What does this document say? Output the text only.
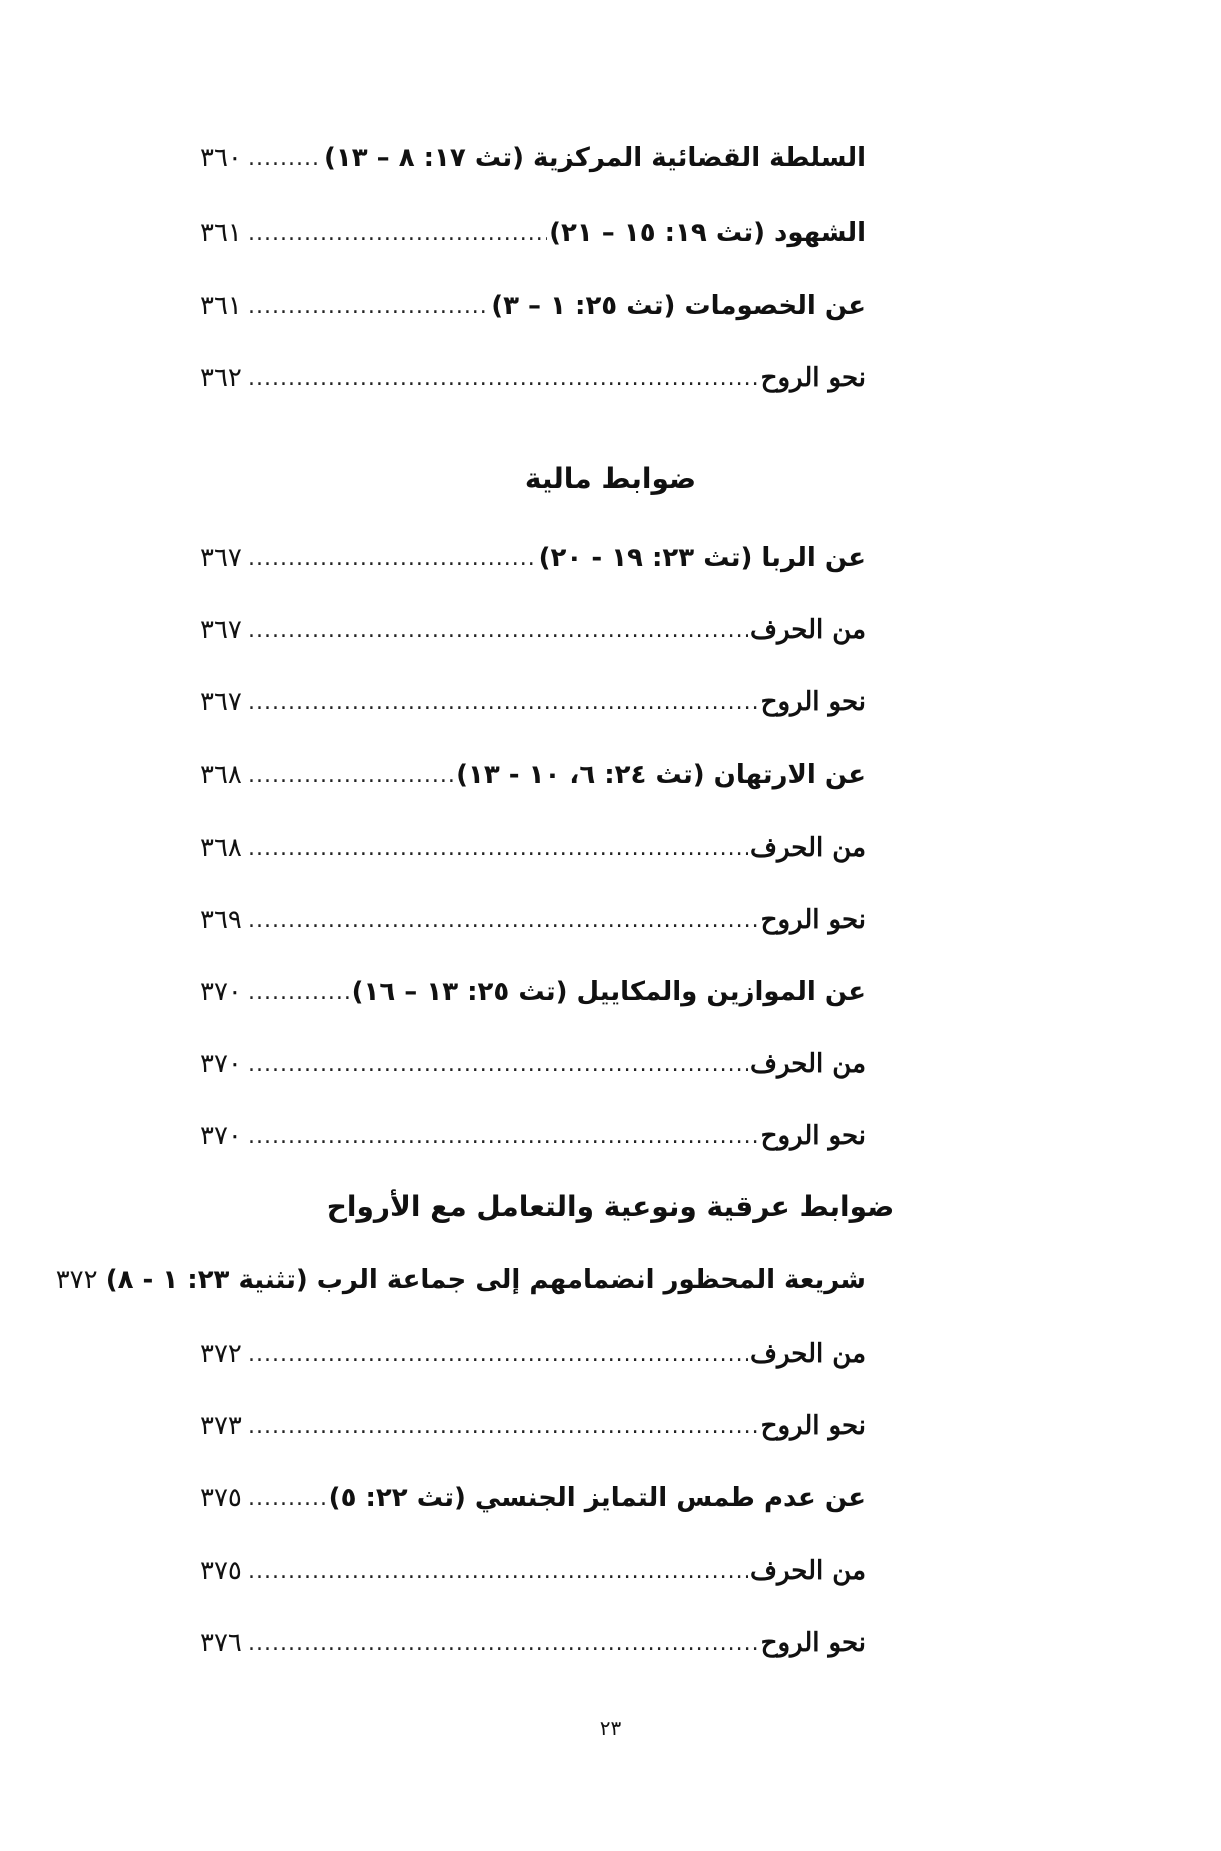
السلطة القضائية المركزية (تث ١٧: ٨ – ١٣)
.....
٣٦٠
الشهود (تث ١٩: ١٥ – ٢١)
.....
٣٦١
عن الخصومات (تث ٢٥: ١ – ٣)
.....
٣٦١
نحو الروح
.....
٣٦٢
ضوابط مالية
عن الربا (تث ٢٣: ١٩ - ٢٠)
.....
٣٦٧
من الحرف
.....
٣٦٧
نحو الروح
.....
٣٦٧
عن الارتهان (تث ٢٤: ٦، ١٠ - ١٣)
.....
٣٦٨
من الحرف
.....
٣٦٨
نحو الروح
.....
٣٦٩
عن الموازين والمكاييل (تث ٢٥: ١٣ – ١٦)
.....
٣٧٠
من الحرف
.....
٣٧٠
نحو الروح
.....
٣٧٠
ضوابط عرقية ونوعية والتعامل مع الأرواح
شريعة المحظور انضمامهم إلى جماعة الرب (تثنية ٢٣: ١ - ٨)
٣٧٢
من الحرف
.....
٣٧٢
نحو الروح
.....
٣٧٣
عن عدم طمس التمايز الجنسي (تث ٢٢: ٥)
.....
٣٧٥
من الحرف
.....
٣٧٥
نحو الروح
.....
٣٧٦
٢٣
